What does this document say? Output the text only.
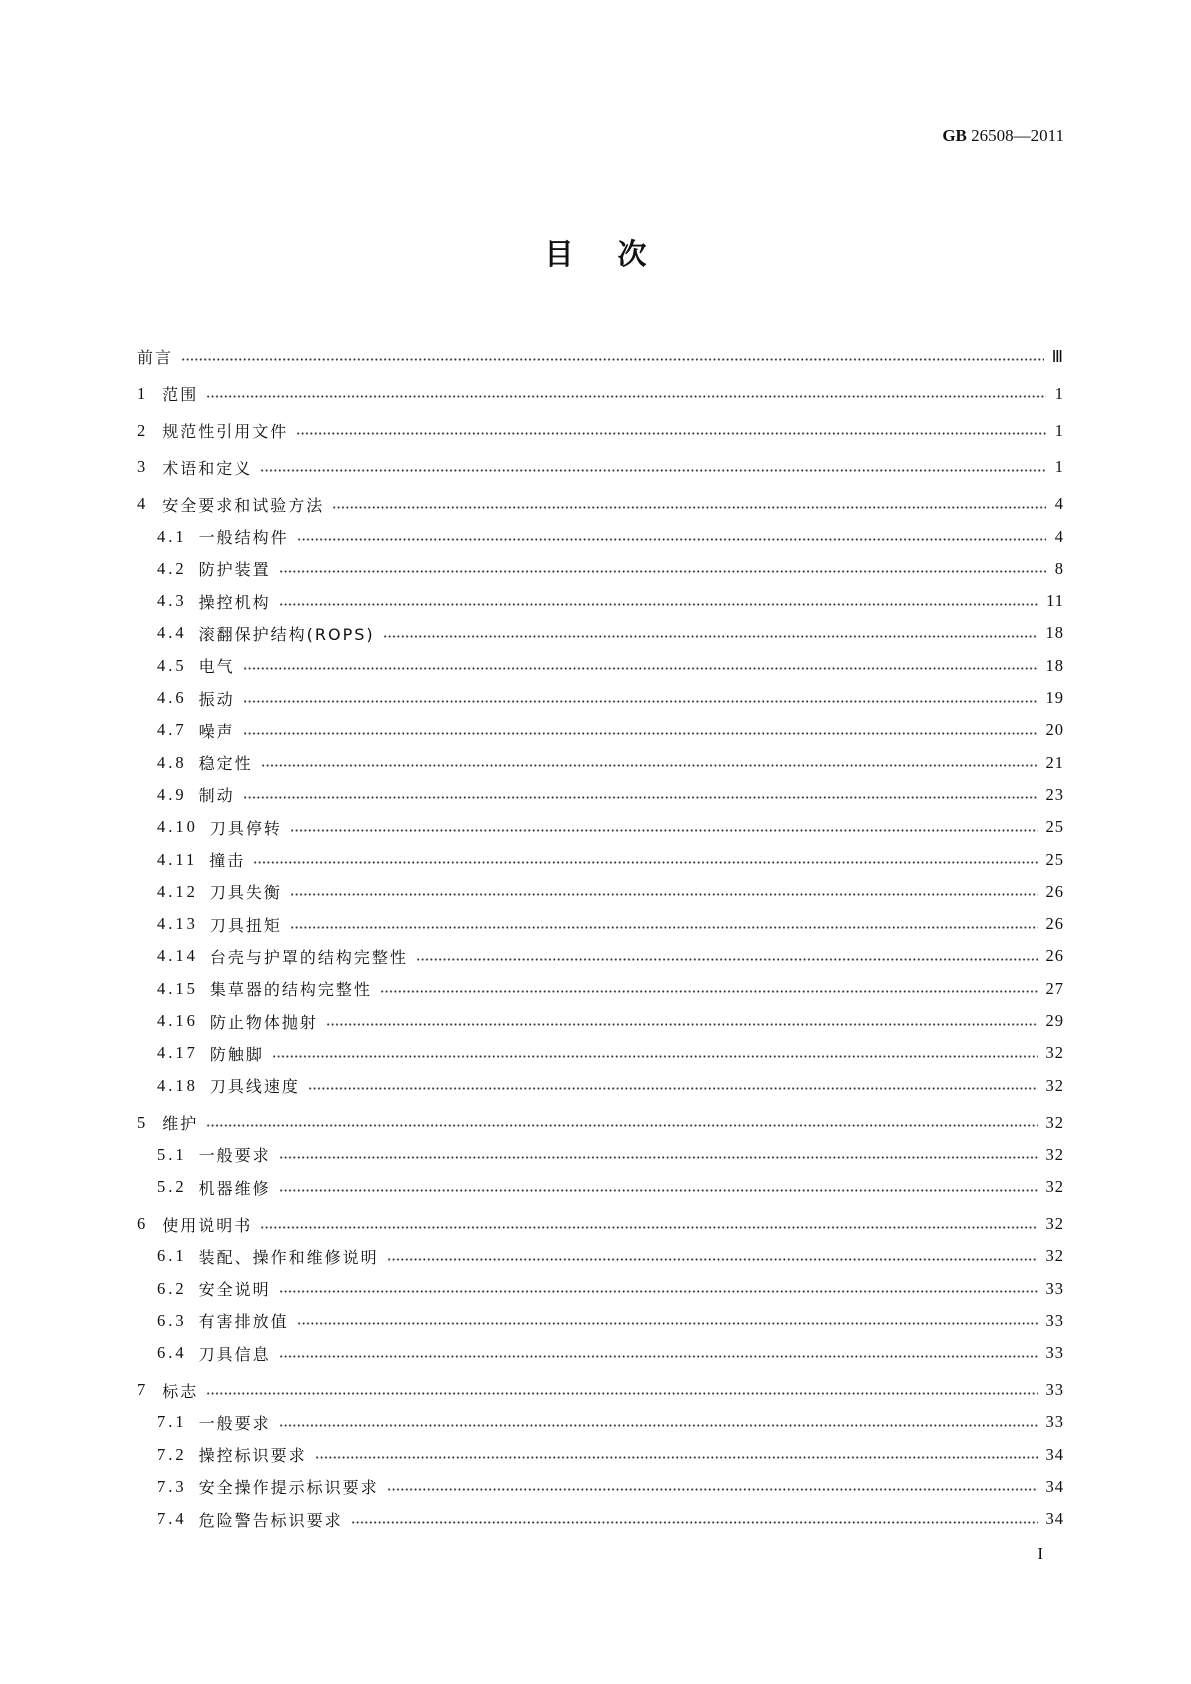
GB 26508—2011
目 次
前言	Ⅲ
1 范围	1
2 规范性引用文件	1
3 术语和定义	1
4 安全要求和试验方法	4
4.1 一般结构件	4
4.2 防护装置	8
4.3 操控机构	11
4.4 滚翻保护结构(ROPS)	18
4.5 电气	18
4.6 振动	19
4.7 噪声	20
4.8 稳定性	21
4.9 制动	23
4.10 刀具停转	25
4.11 撞击	25
4.12 刀具失衡	26
4.13 刀具扭矩	26
4.14 台壳与护罩的结构完整性	26
4.15 集草器的结构完整性	27
4.16 防止物体抛射	29
4.17 防触脚	32
4.18 刀具线速度	32
5 维护	32
5.1 一般要求	32
5.2 机器维修	32
6 使用说明书	32
6.1 装配、操作和维修说明	32
6.2 安全说明	33
6.3 有害排放值	33
6.4 刀具信息	33
7 标志	33
7.1 一般要求	33
7.2 操控标识要求	34
7.3 安全操作提示标识要求	34
7.4 危险警告标识要求	34
I
